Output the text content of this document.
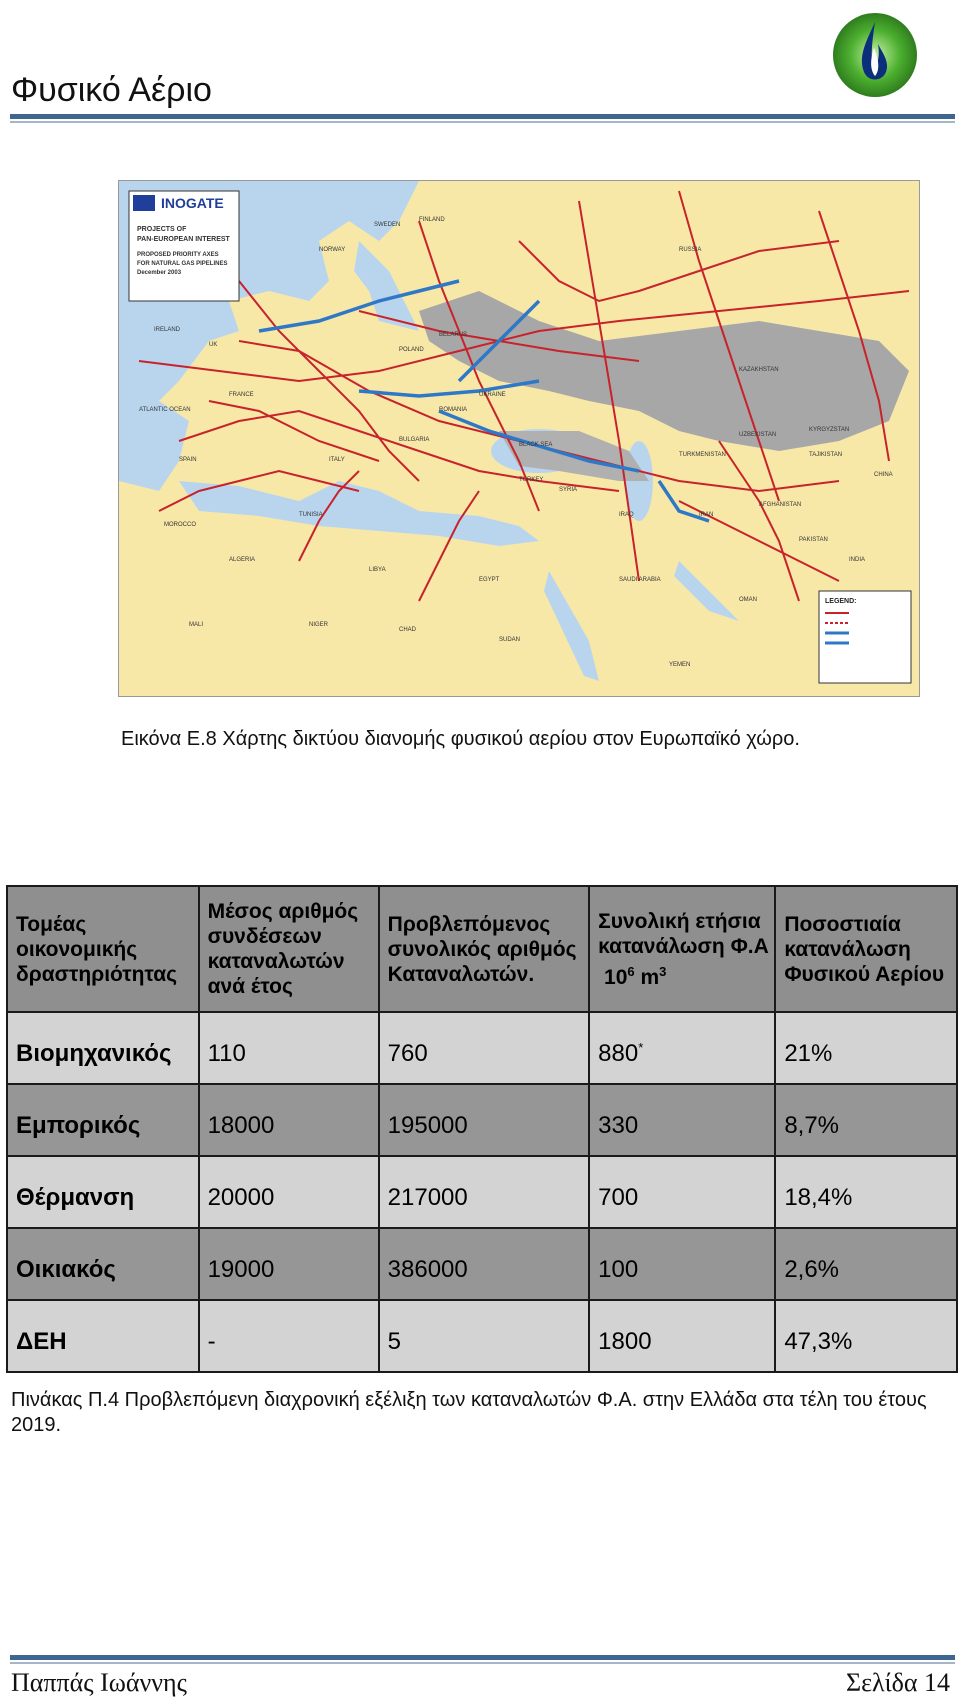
Φυσικό Αέριο
INOGATE
PROJECTS OF
PAN-EUROPEAN INTEREST
PROPOSED PRIORITY AXES
FOR NATURAL GAS PIPELINES
December 2003
LEGEND:
NORWAY
SWEDEN
FINLAND
RUSSIA
IRELAND
UK
POLAND
BELARUS
UKRAINE
KAZAKHSTAN
FRANCE
SPAIN	ITALY
ROMANIA
BULGARIA
TURKEY
IRAN
IRAQ
SYRIA
ALGERIA
LIBYA
EGYPT
MOROCCO
TUNISIA
SAUDI ARABIA
UZBEKISTAN
TURKMENISTAN
AFGHANISTAN
PAKISTAN
INDIA
MALI	NIGER
CHAD
SUDAN
YEMEN
OMAN
KYRGYZSTAN
TAJIKISTAN
CHINA
ATLANTIC OCEAN
BLACK SEA
Εικόνα Ε.8 Χάρτης δικτύου διανομής φυσικού αερίου στον Ευρωπαϊκό χώρο.
Τομέας οικονομικής δραστηριότητας	Μέσος αριθμός συνδέσεων καταναλωτών ανά έτος	Προβλεπόμενος συνολικός αριθμός Καταναλωτών.	Συνολική ετήσια κατανάλωση Φ.Α
$10^6$ $m^3$	Ποσοστιαία κατανάλωση Φυσικού Αερίου
Βιομηχανικός	110	760	880*	21%
Εμπορικός	18000	195000	330	8,7%
Θέρμανση	20000	217000	700	18,4%
Οικιακός	19000	386000	100	2,6%
ΔΕΗ	-	5	1800	47,3%
Πινάκας Π.4 Προβλεπόμενη διαχρονική εξέλιξη των καταναλωτών Φ.Α. στην Ελλάδα στα τέλη του έτους 2019.
Παππάς Ιωάννης	Σελίδα 14
